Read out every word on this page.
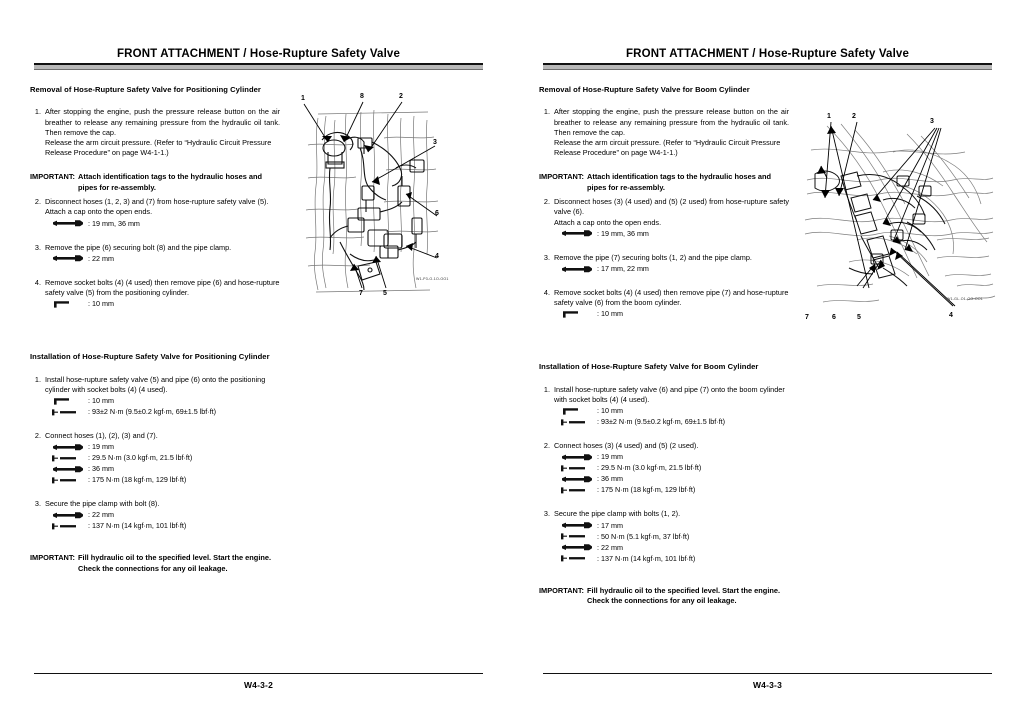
FRONT ATTACHMENT / Hose-Rupture Safety Valve
Removal of Hose-Rupture Safety Valve for Positioning Cylinder
1. After stopping the engine, push the pressure release button on the air breather to release any remaining pressure from the hydraulic oil tank. Then remove the cap.

Release the arm circuit pressure. (Refer to “Hydraulic Circuit Pressure Release Procedure” on page W4-1-1.)

IMPORTANT: Attach identification tags to the hydraulic hoses and pipes for re-assembly.

2. Disconnect hoses (1, 2, 3) and (7) from hose-rupture safety valve (5).

Attach a cap onto the open ends.

: 19 mm, 36 mm
3. Remove the pipe (6) securing bolt (8) and the pipe clamp.

: 22 mm
4. Remove socket bolts (4) (4 used) then remove pipe (6) and hose-rupture safety valve (5) from the positioning cylinder.

: 10 mm
Installation of Hose-Rupture Safety Valve for Positioning Cylinder
1. Install hose-rupture safety valve (5) and pipe (6) onto the positioning cylinder with socket bolts (4) (4 used).

: 10 mm
: 93±2 N·m (9.5±0.2 kgf·m, 69±1.5 lbf·ft)
2. Connect hoses (1), (2), (3) and (7).

: 19 mm
: 29.5 N·m (3.0 kgf·m, 21.5 lbf·ft)
: 36 mm
: 175 N·m (18 kgf·m, 129 lbf·ft)
3. Secure the pipe clamp with bolt (8).

: 22 mm
: 137 N·m (14 kgf·m, 101 lbf·ft)
IMPORTANT: Fill hydraulic oil to the specified level. Start the engine. Check the connections for any oil leakage.

W1-P3-O-1O-OO1
1	8	2
3
6
4
7	5
W4-3-2
FRONT ATTACHMENT / Hose-Rupture Safety Valve
Removal of Hose-Rupture Safety Valve for Boom Cylinder
1. After stopping the engine, push the pressure release button on the air breather to release any remaining pressure from the hydraulic oil tank. Then remove the cap.

Release the arm circuit pressure. (Refer to “Hydraulic Circuit Pressure Release Procedure” on page W4-1-1.)

IMPORTANT: Attach identification tags to the hydraulic hoses and pipes for re-assembly.

2. Disconnect hoses (3) (4 used) and (5) (2 used) from hose-rupture safety valve (6).

Attach a cap onto the open ends.

: 19 mm, 36 mm
3. Remove the pipe (7) securing bolts (1, 2) and the pipe clamp.

: 17 mm, 22 mm
4. Remove socket bolts (4) (4 used) then remove pipe (7) and hose-rupture safety valve (6) from the boom cylinder.

: 10 mm
Installation of Hose-Rupture Safety Valve for Boom Cylinder
1. Install hose-rupture safety valve (6) and pipe (7) onto the boom cylinder with socket bolts (4) (4 used).

: 10 mm
: 93±2 N·m (9.5±0.2 kgf·m, 69±1.5 lbf·ft)
2. Connect hoses (3) (4 used) and (5) (2 used).

: 19 mm
: 29.5 N·m (3.0 kgf·m, 21.5 lbf·ft)
: 36 mm
: 175 N·m (18 kgf·m, 129 lbf·ft)
3. Secure the pipe clamp with bolts (1, 2).

: 17 mm
: 50 N·m (5.1 kgf·m, 37 lbf·ft)
: 22 mm
: 137 N·m (14 kgf·m, 101 lbf·ft)
IMPORTANT: Fill hydraulic oil to the specified level. Start the engine. Check the connections for any oil leakage.

W1-GL-O1-OO-OO1
1	2
3
4
7	6	5
W4-3-3
